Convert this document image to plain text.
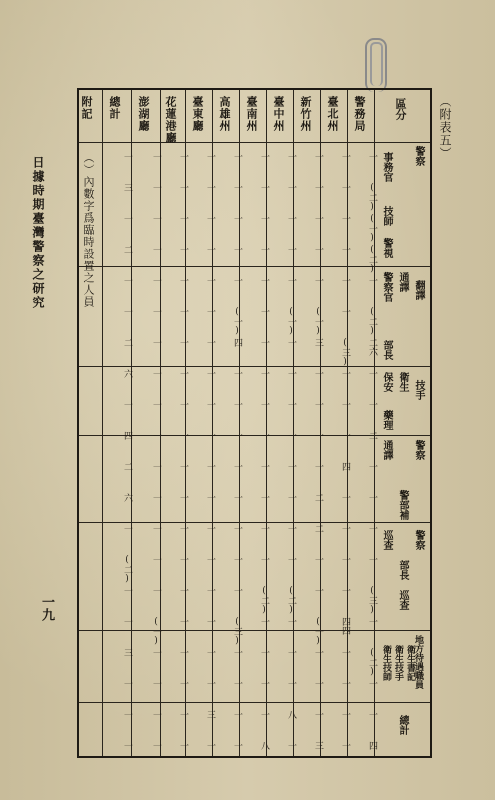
日據時期臺灣警察之研究
一九
（附表五）
附記 總計 澎湖廳 花蓮港廳 臺東廳 高雄州 臺南州 臺中州 新竹州 臺北州 警務局	區分
警察
事務官
技師
警視
翻譯
警察官 通譯
部長
技手
保安 衛生
藥理
警察
通譯
警部補
巡查 警察
部長
巡查
地方待遇職員
衛生技師 衛生技手 衛生書記
總計
（）內數字爲臨時設置之人員	一
(二)
(一)
(二)
一
(二)
二六
一
一
二
一
一
一
一
(三)
一
(二)
一
一
四
一
一
一
一
一
一
(三)
一
一
一
四
一
一
一
一
四四
一
一
一
一
一
一
一
一
一
(一)
三
一
一
一
一
二
二
一
一
(一)
一
一
一
三
一
一
一
一
一
(一)
一
一
一
一
一
一
一
一
(二)
一
一
一
八
一
一
一
一
一
一
一
一
一
一
一
一
一
一
一
(二)
一
一
一
一
八
一
一
一
一
一
(一)
四
一
一
一
一
一
一
一
一
(三)
一
一
一
一
一
一
一
一
一
一
一
一
一
一
一
一
一
一
一
一
一
一
三
一
一
一
一
一
一
一
一
一
一
一
一
一
一
一
一
一
一
一
一
一
一
一
一
一
一
一
一
一
一
一
一
一
一
一
一
(一)
一
一
一
一
一
三
一
二
一
一
二
六
一
四
二
六
一
(二)
一
一
三
一
一
一
